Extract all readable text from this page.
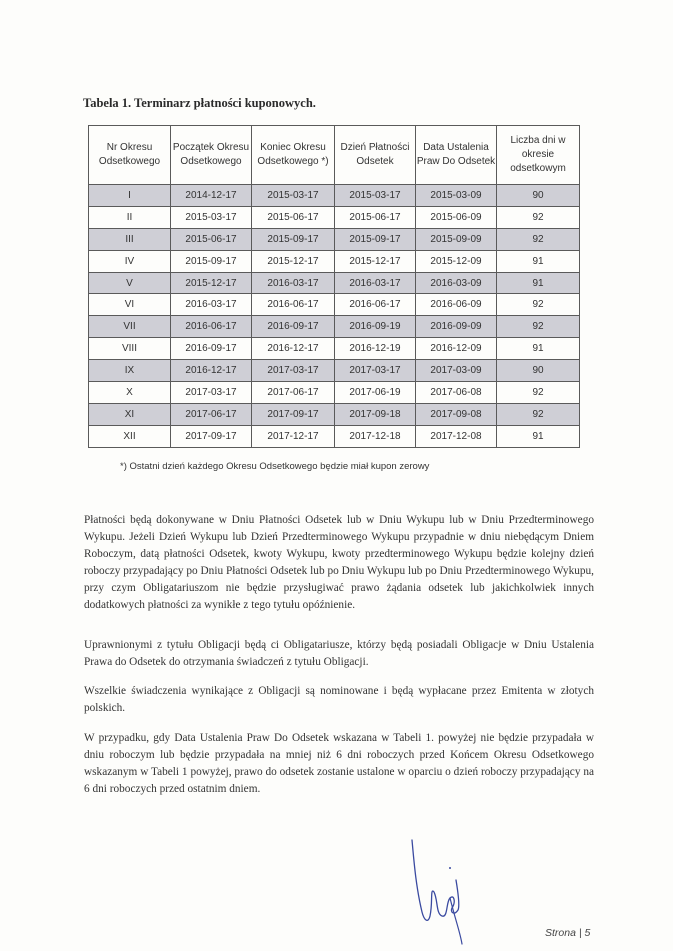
Tabela 1. Terminarz płatności kuponowych.
Nr Okresu Odsetkowego	Początek Okresu Odsetkowego	Koniec Okresu Odsetkowego *)	Dzień Płatności Odsetek	Data Ustalenia Praw Do Odsetek	Liczba dni w okresie odsetkowym
I	2014-12-17	2015-03-17	2015-03-17	2015-03-09	90
II	2015-03-17	2015-06-17	2015-06-17	2015-06-09	92
III	2015-06-17	2015-09-17	2015-09-17	2015-09-09	92
IV	2015-09-17	2015-12-17	2015-12-17	2015-12-09	91
V	2015-12-17	2016-03-17	2016-03-17	2016-03-09	91
VI	2016-03-17	2016-06-17	2016-06-17	2016-06-09	92
VII	2016-06-17	2016-09-17	2016-09-19	2016-09-09	92
VIII	2016-09-17	2016-12-17	2016-12-19	2016-12-09	91
IX	2016-12-17	2017-03-17	2017-03-17	2017-03-09	90
X	2017-03-17	2017-06-17	2017-06-19	2017-06-08	92
XI	2017-06-17	2017-09-17	2017-09-18	2017-09-08	92
XII	2017-09-17	2017-12-17	2017-12-18	2017-12-08	91
*) Ostatni dzień każdego Okresu Odsetkowego będzie miał kupon zerowy

Płatności będą dokonywane w Dniu Płatności Odsetek lub w Dniu Wykupu lub w Dniu Przedterminowego Wykupu. Jeżeli Dzień Wykupu lub Dzień Przedterminowego Wykupu przypadnie w dniu niebędącym Dniem Roboczym, datą płatności Odsetek, kwoty Wykupu, kwoty przedterminowego Wykupu będzie kolejny dzień roboczy przypadający po Dniu Płatności Odsetek lub po Dniu Wykupu lub po Dniu Przedterminowego Wykupu, przy czym Obligatariuszom nie będzie przysługiwać prawo żądania odsetek lub jakichkolwiek innych dodatkowych płatności za wynikłe z tego tytułu opóźnienie.

Uprawnionymi z tytułu Obligacji będą ci Obligatariusze, którzy będą posiadali Obligacje w Dniu Ustalenia Prawa do Odsetek do otrzymania świadczeń z tytułu Obligacji.

Wszelkie świadczenia wynikające z Obligacji są nominowane i będą wypłacane przez Emitenta w złotych polskich.

W przypadku, gdy Data Ustalenia Praw Do Odsetek wskazana w Tabeli 1. powyżej nie będzie przypadała w dniu roboczym lub będzie przypadała na mniej niż 6 dni roboczych przed Końcem Okresu Odsetkowego wskazanym w Tabeli 1 powyżej, prawo do odsetek zostanie ustalone w oparciu o dzień roboczy przypadający na 6 dni roboczych przed ostatnim dniem.

Strona | 5
